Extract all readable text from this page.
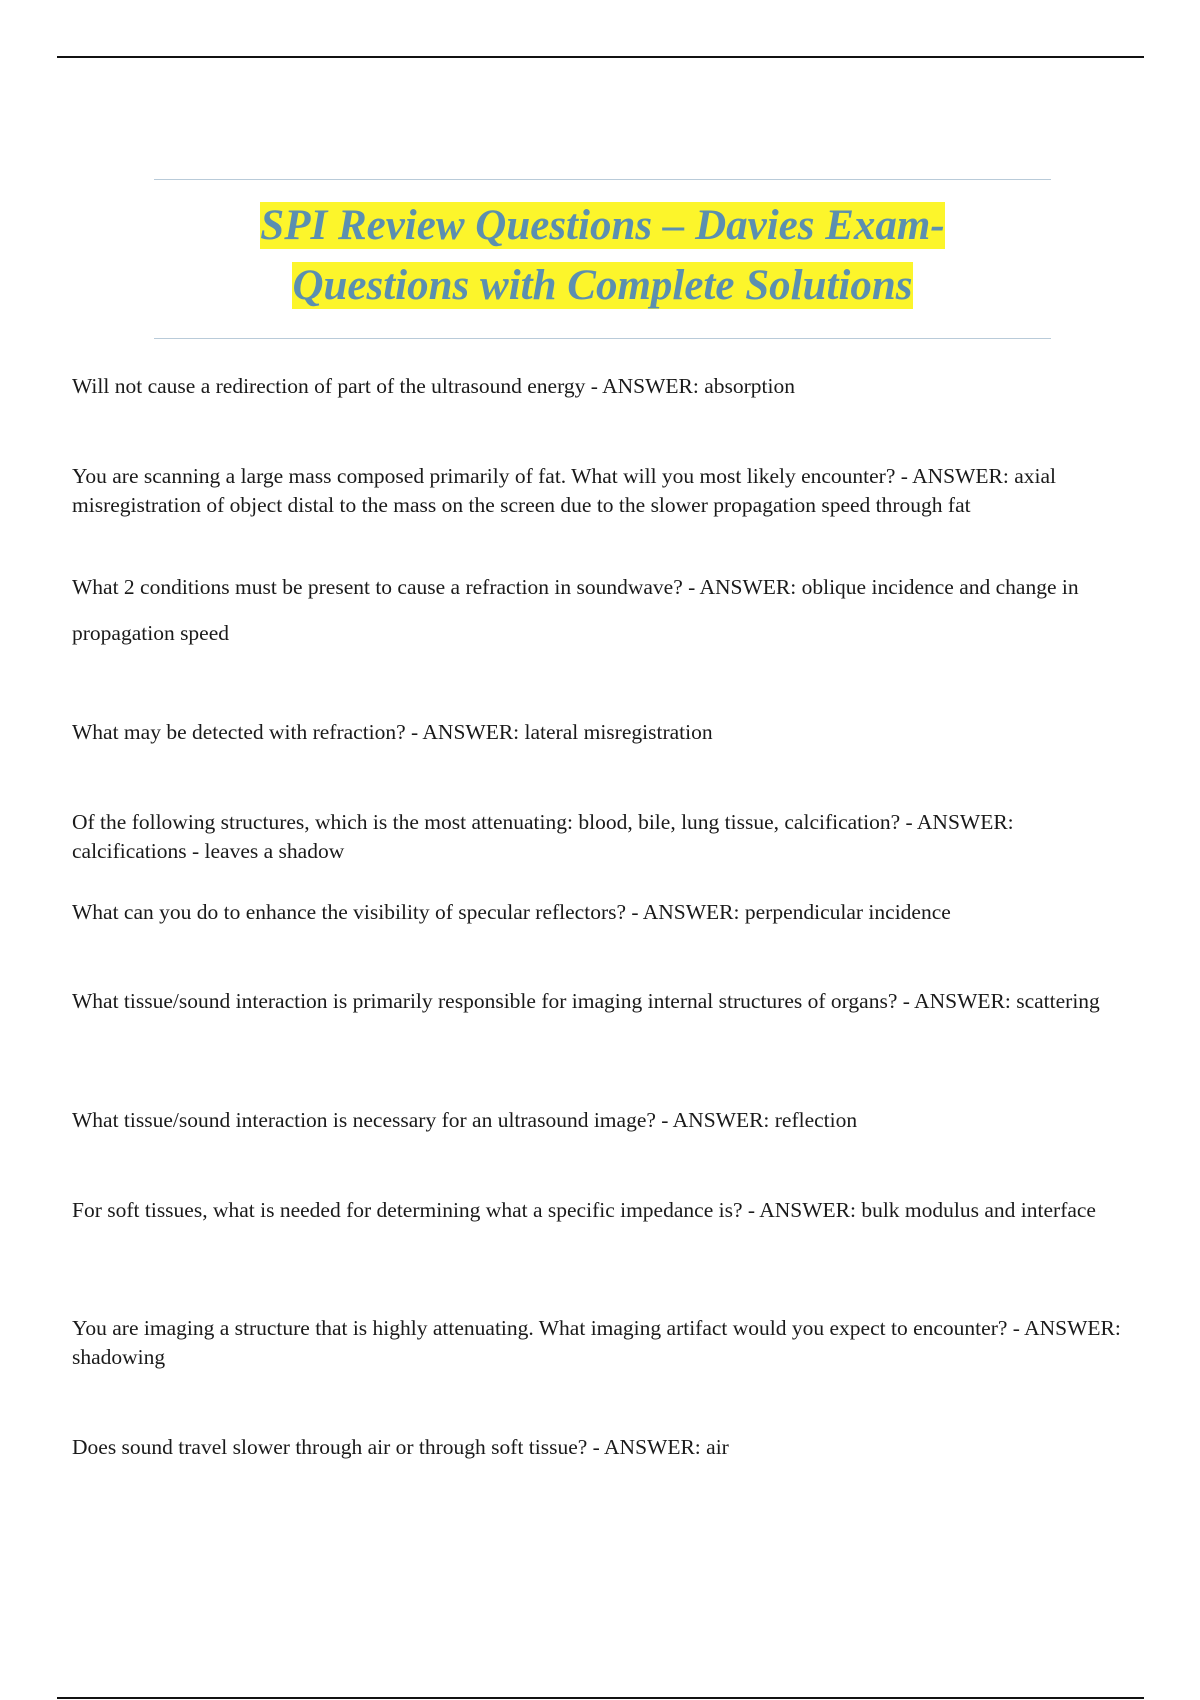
SPI Review Questions – Davies Exam-
Questions with Complete Solutions
Will not cause a redirection of part of the ultrasound energy - ANSWER: absorption
You are scanning a large mass composed primarily of fat. What will you most likely encounter? - ANSWER: axial misregistration of object distal to the mass on the screen due to the slower propagation speed through fat
What 2 conditions must be present to cause a refraction in soundwave? - ANSWER: oblique incidence and change in propagation speed
What may be detected with refraction? - ANSWER: lateral misregistration
Of the following structures, which is the most attenuating: blood, bile, lung tissue, calcification? - ANSWER: calcifications - leaves a shadow
What can you do to enhance the visibility of specular reflectors? - ANSWER: perpendicular incidence
What tissue/sound interaction is primarily responsible for imaging internal structures of organs? - ANSWER: scattering
What tissue/sound interaction is necessary for an ultrasound image? - ANSWER: reflection
For soft tissues, what is needed for determining what a specific impedance is? - ANSWER: bulk modulus and interface
You are imaging a structure that is highly attenuating. What imaging artifact would you expect to encounter? - ANSWER: shadowing
Does sound travel slower through air or through soft tissue? - ANSWER: air
